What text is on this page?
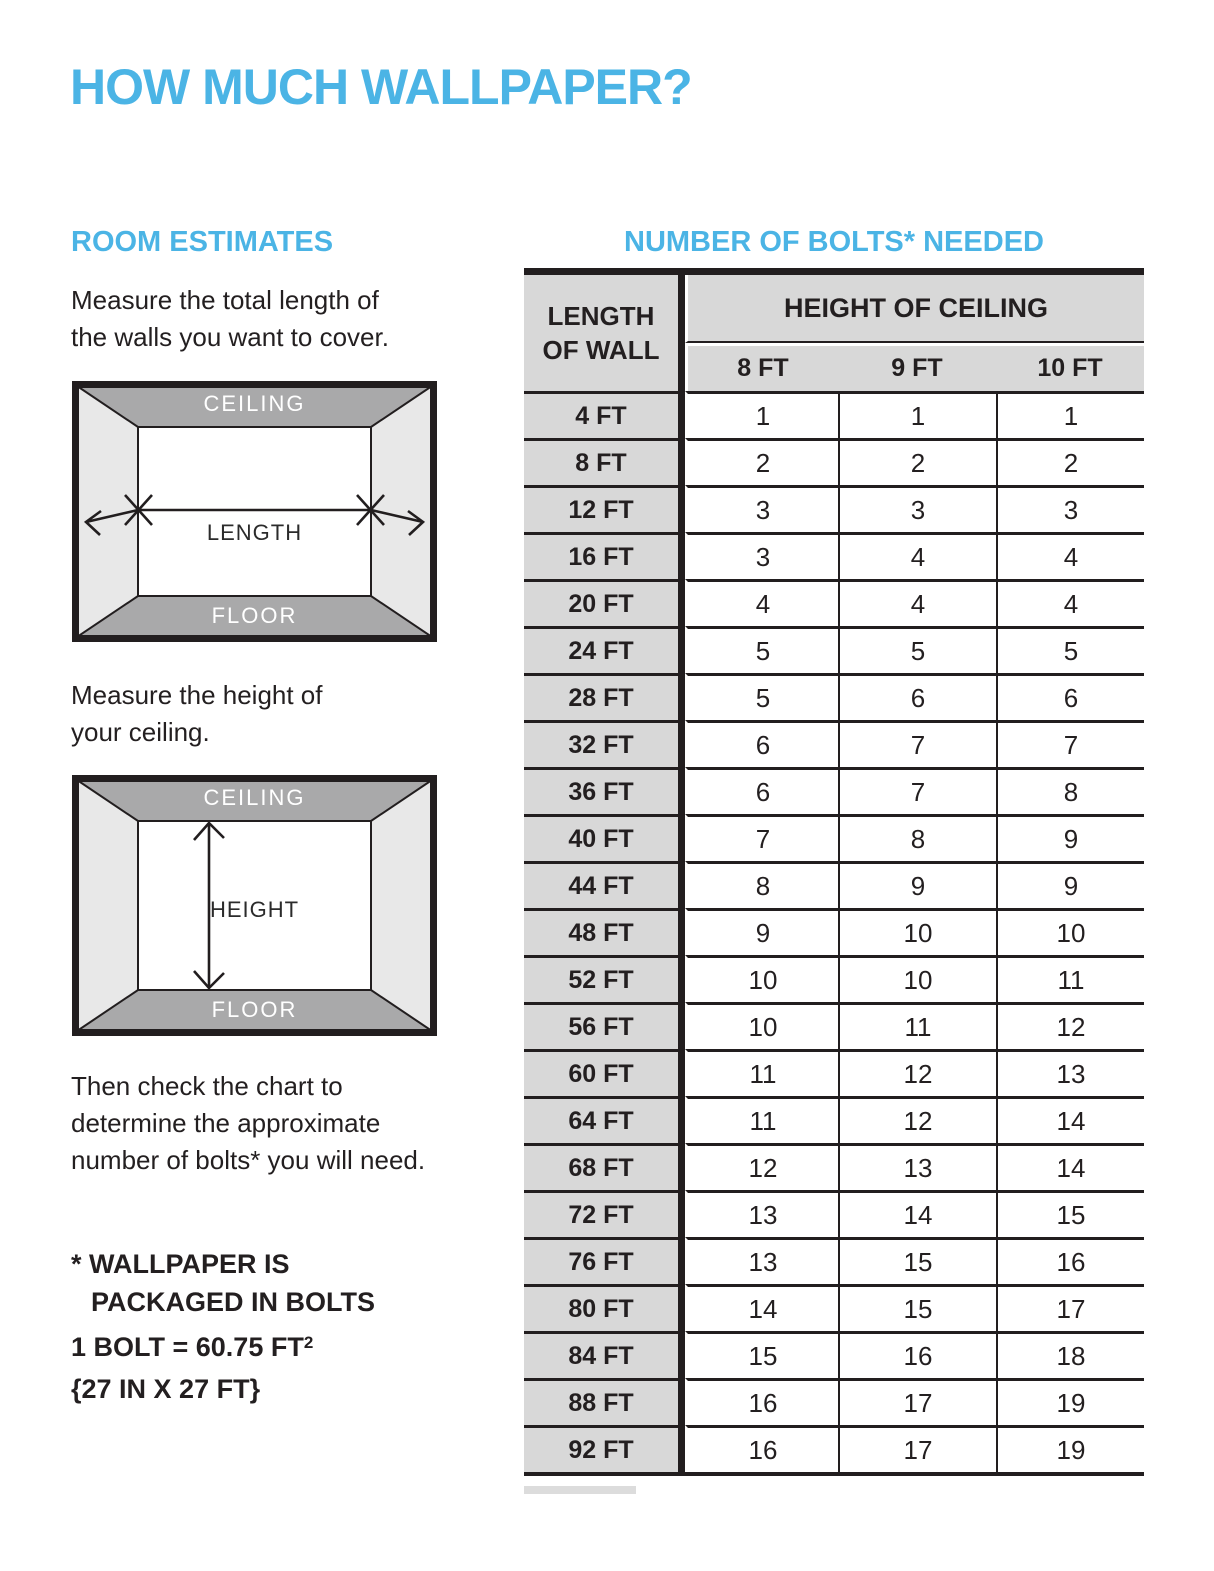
HOW MUCH WALLPAPER?
ROOM ESTIMATES
Measure the total length of
the walls you want to cover.
CEILING
LENGTH
FLOOR
Measure the height of
your ceiling.
CEILING
HEIGHT
FLOOR
Then check the chart to
determine the approximate
number of bolts* you will need.
* WALLPAPER IS
PACKAGED IN BOLTS
1 BOLT = 60.75 $FT^2$
{27 IN X 27 FT}
NUMBER OF BOLTS* NEEDED
LENGTH
OF WALL	HEIGHT OF CEILING		
	8 FT	9 FT	10 FT
4 FT	1	1	1
8 FT	2	2	2
12 FT	3	3	3
16 FT	3	4	4
20 FT	4	4	4
24 FT	5	5	5
28 FT	5	6	6
32 FT	6	7	7
36 FT	6	7	8
40 FT	7	8	9
44 FT	8	9	9
48 FT	9	10	10
52 FT	10	10	11
56 FT	10	11	12
60 FT	11	12	13
64 FT	11	12	14
68 FT	12	13	14
72 FT	13	14	15
76 FT	13	15	16
80 FT	14	15	17
84 FT	15	16	18
88 FT	16	17	19
92 FT	16	17	19
